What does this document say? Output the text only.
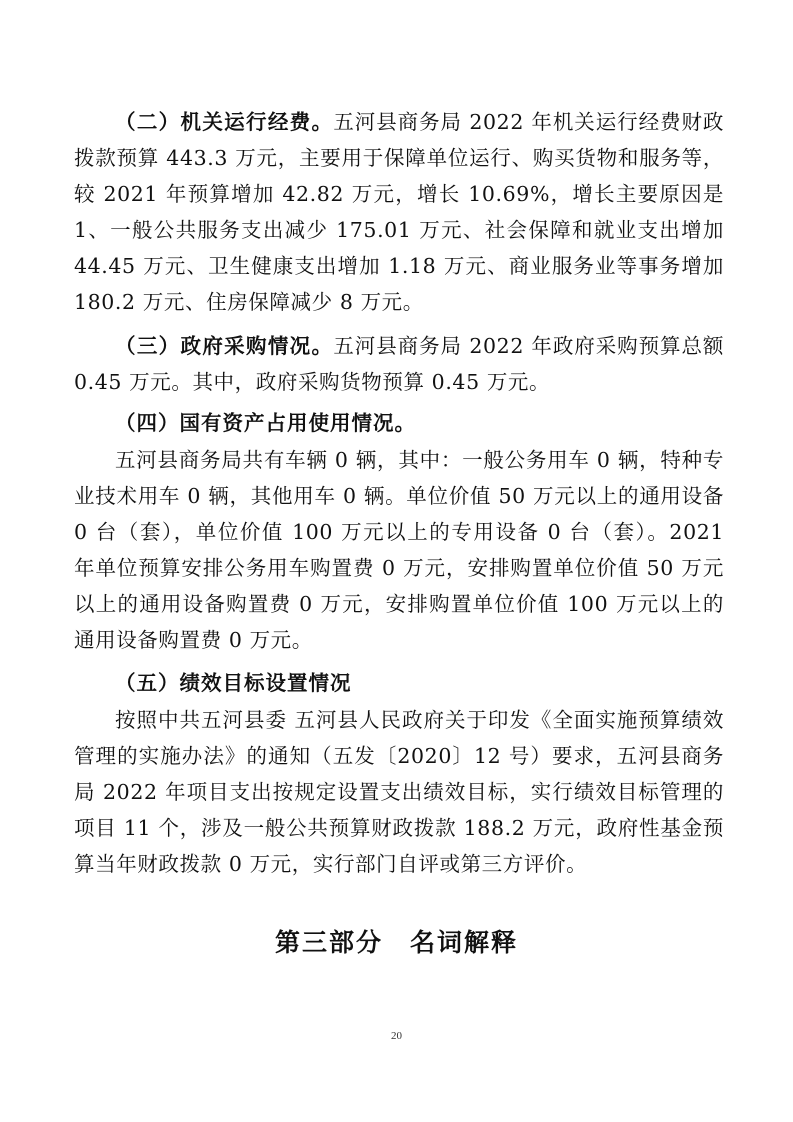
（二）机关运行经费。五河县商务局 2022 年机关运行经费财政拨款预算 443.3 万元，主要用于保障单位运行、购买货物和服务等，较 2021 年预算增加 42.82 万元，增长 10.69%，增长主要原因是 1、一般公共服务支出减少 175.01 万元、社会保障和就业支出增加 44.45 万元、卫生健康支出增加 1.18 万元、商业服务业等事务增加 180.2 万元、住房保障减少 8 万元。

（三）政府采购情况。五河县商务局 2022 年政府采购预算总额 0.45 万元。其中，政府采购货物预算 0.45 万元。

（四）国有资产占用使用情况。

五河县商务局共有车辆 0 辆，其中：一般公务用车 0 辆，特种专业技术用车 0 辆，其他用车 0 辆。单位价值 50 万元以上的通用设备 0 台（套），单位价值 100 万元以上的专用设备 0 台（套）。2021 年单位预算安排公务用车购置费 0 万元，安排购置单位价值 50 万元以上的通用设备购置费 0 万元，安排购置单位价值 100 万元以上的通用设备购置费 0 万元。

（五）绩效目标设置情况

按照中共五河县委 五河县人民政府关于印发《全面实施预算绩效管理的实施办法》的通知（五发〔2020〕12 号）要求，五河县商务局 2022 年项目支出按规定设置支出绩效目标，实行绩效目标管理的项目 11 个，涉及一般公共预算财政拨款 188.2 万元，政府性基金预算当年财政拨款 0 万元，实行部门自评或第三方评价。

第三部分　名词解释

20
